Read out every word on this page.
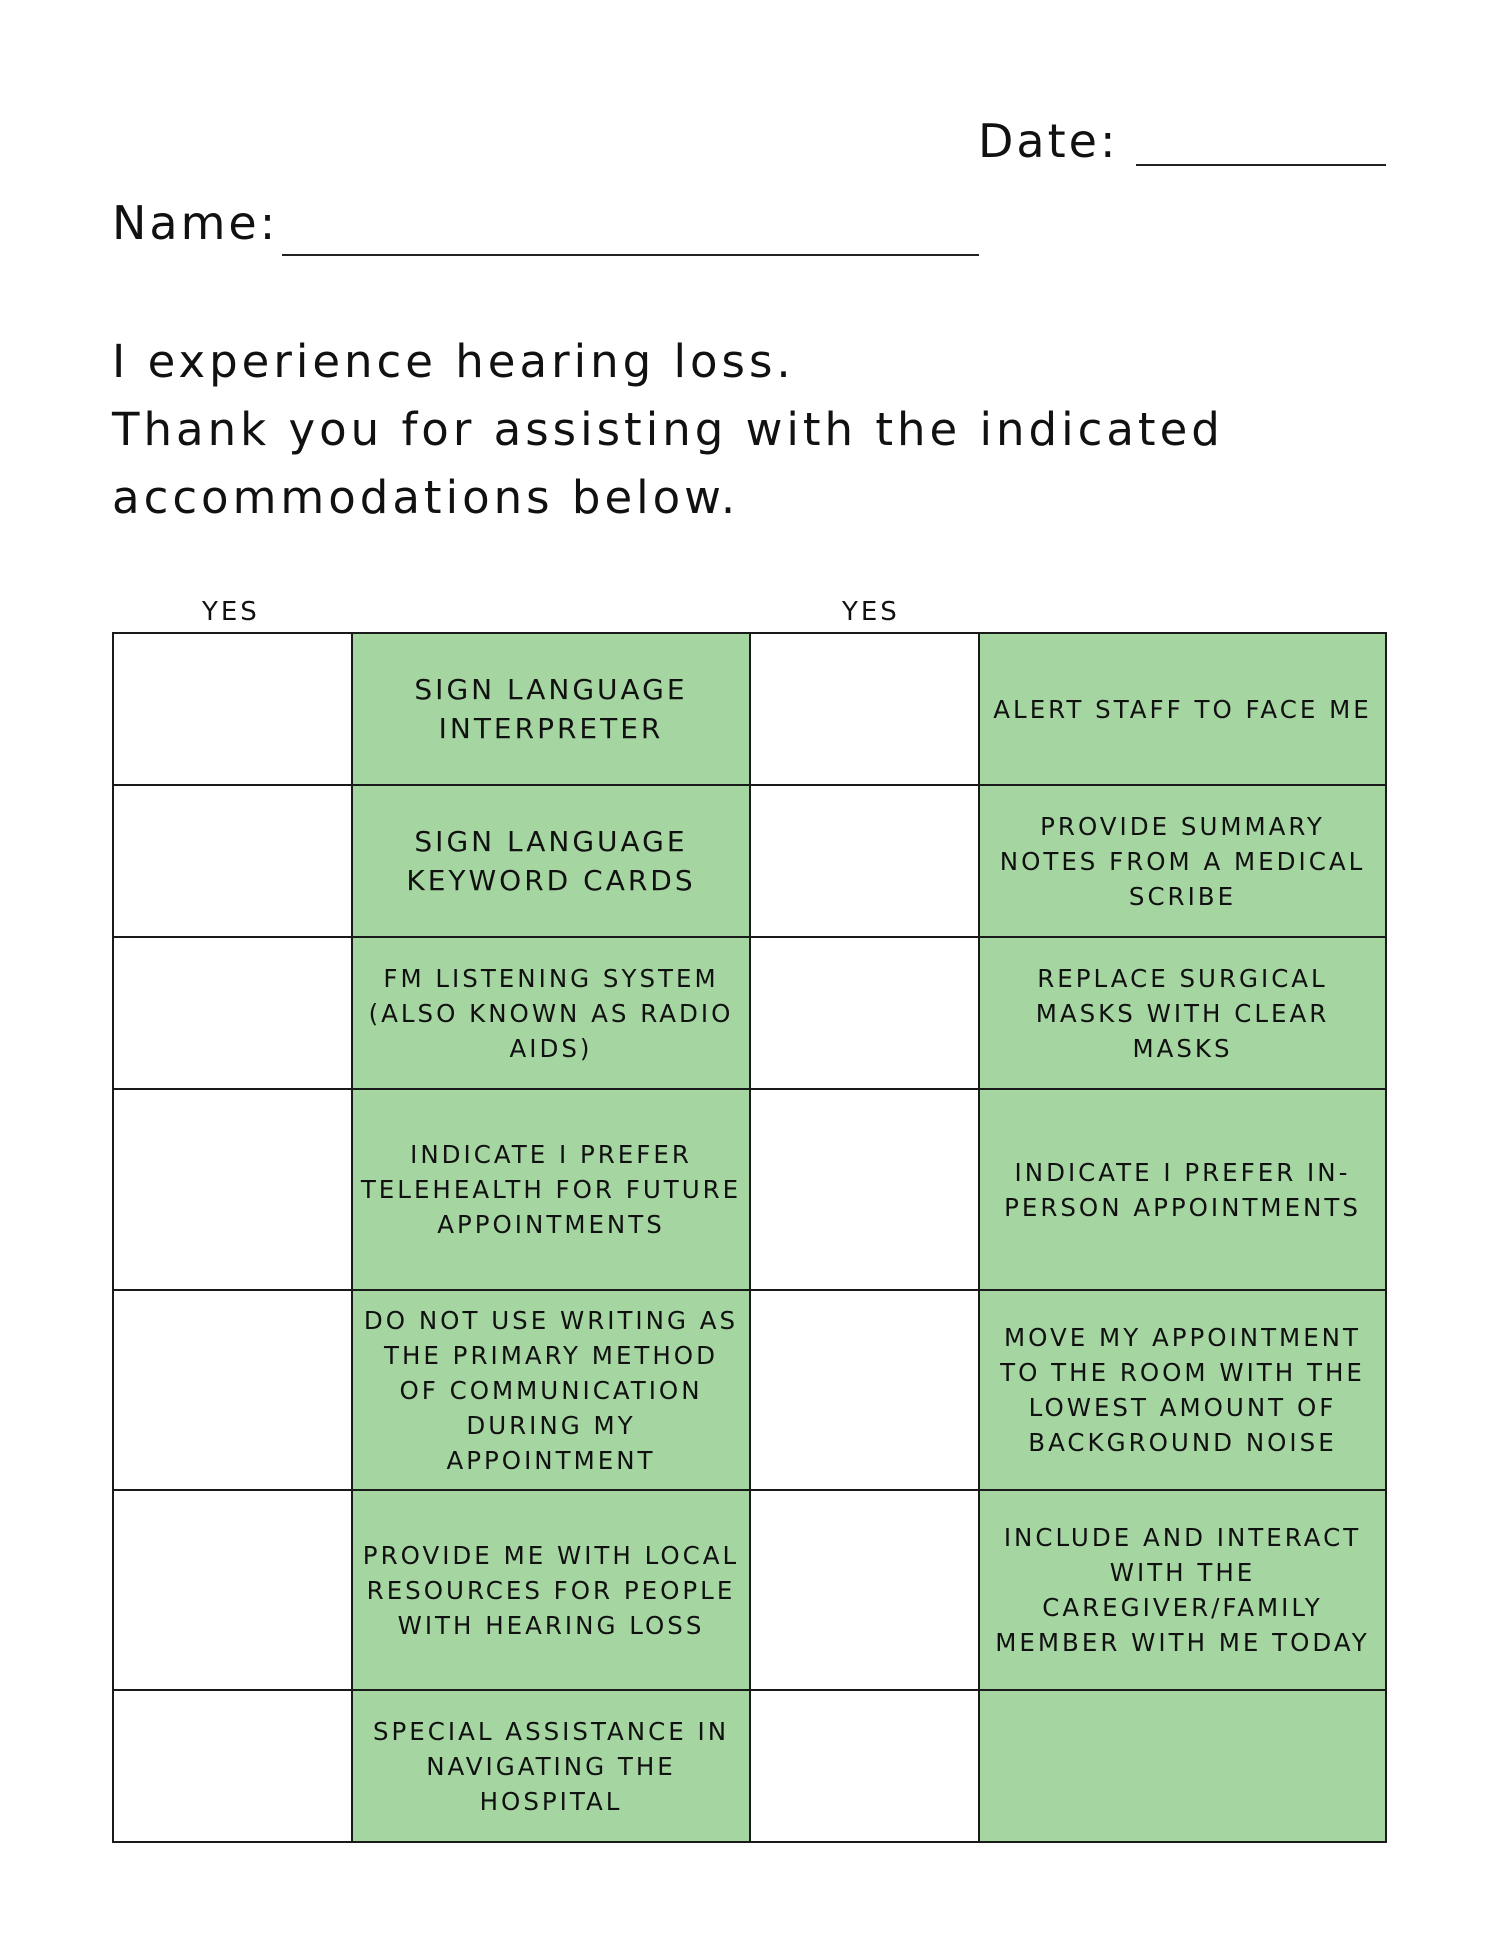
Date:
Name:
I experience hearing loss.
Thank you for assisting with the indicated
accommodations below.
YES	YES
	SIGN LANGUAGE INTERPRETER		ALERT STAFF TO FACE ME
	SIGN LANGUAGE KEYWORD CARDS		PROVIDE SUMMARY NOTES FROM A MEDICAL SCRIBE
	FM LISTENING SYSTEM (ALSO KNOWN AS RADIO AIDS)		REPLACE SURGICAL MASKS WITH CLEAR MASKS
	INDICATE I PREFER TELEHEALTH FOR FUTURE APPOINTMENTS		INDICATE I PREFER IN-PERSON APPOINTMENTS
	DO NOT USE WRITING AS THE PRIMARY METHOD OF COMMUNICATION DURING MY APPOINTMENT		MOVE MY APPOINTMENT TO THE ROOM WITH THE LOWEST AMOUNT OF BACKGROUND NOISE
	PROVIDE ME WITH LOCAL RESOURCES FOR PEOPLE WITH HEARING LOSS		INCLUDE AND INTERACT WITH THE CAREGIVER/FAMILY MEMBER WITH ME TODAY
	SPECIAL ASSISTANCE IN NAVIGATING THE HOSPITAL		
